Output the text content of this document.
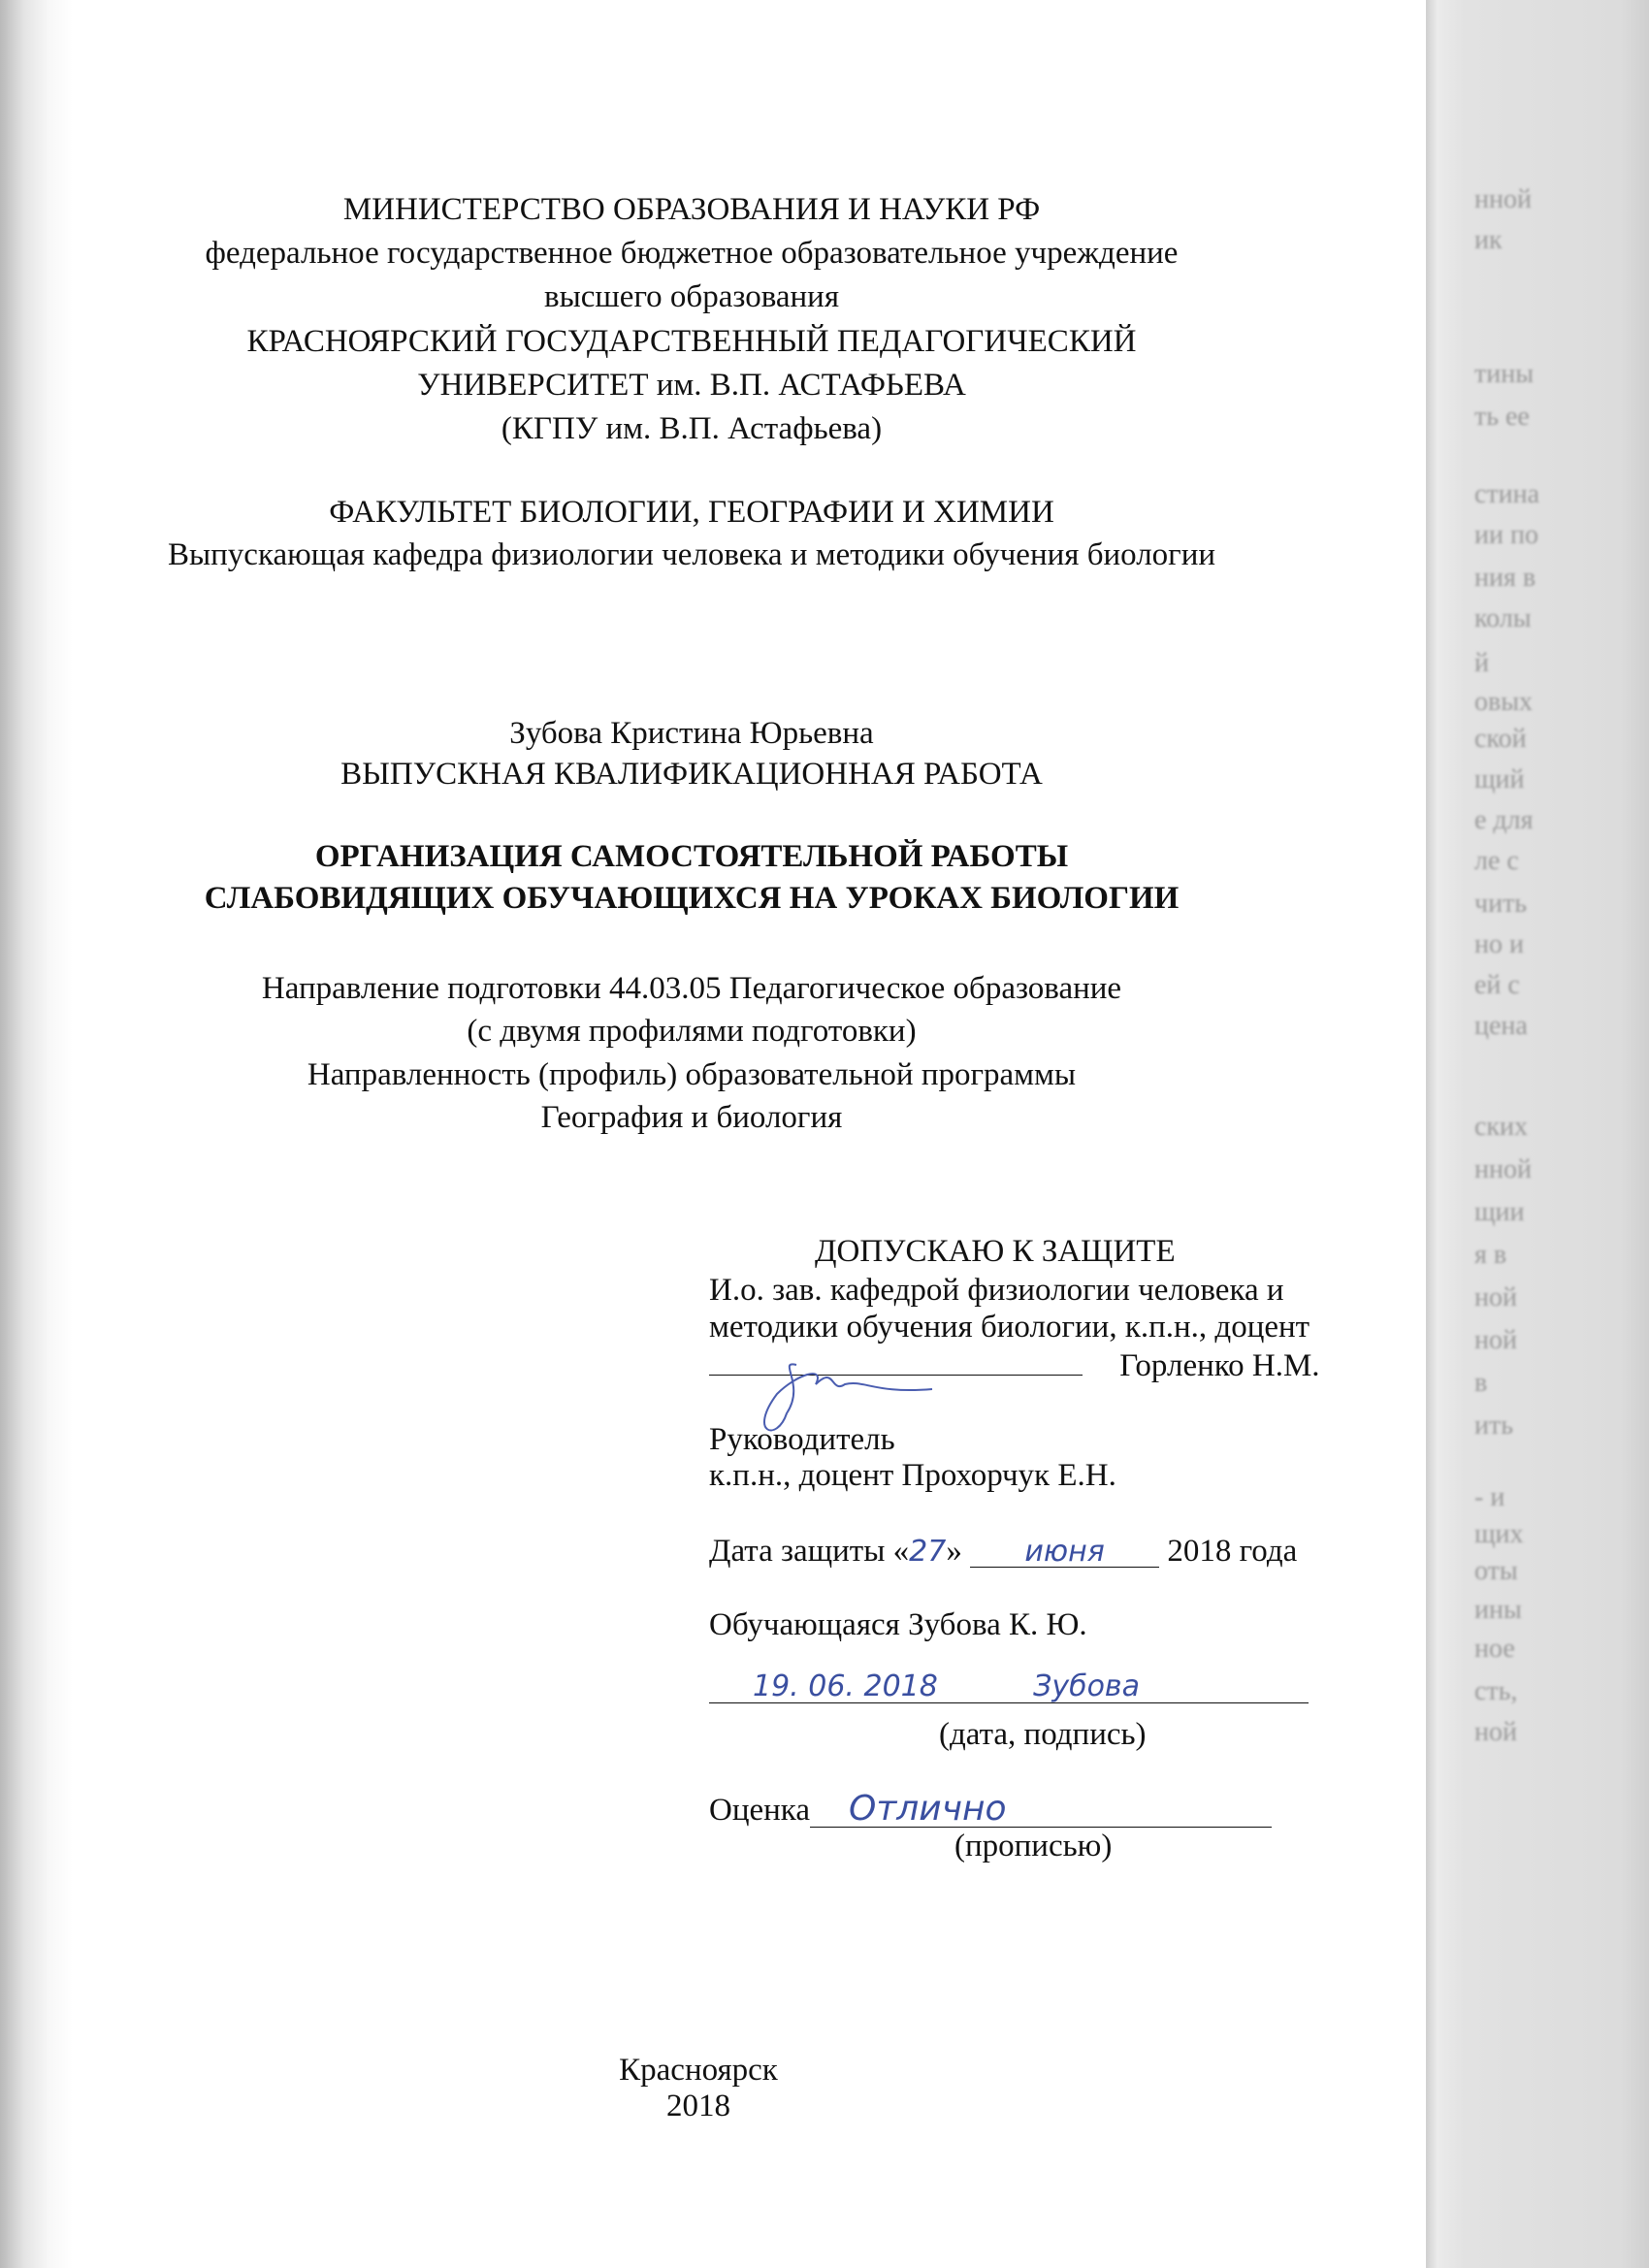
МИНИСТЕРСТВО ОБРАЗОВАНИЯ И НАУКИ РФ
федеральное государственное бюджетное образовательное учреждение
высшего образования
КРАСНОЯРСКИЙ ГОСУДАРСТВЕННЫЙ ПЕДАГОГИЧЕСКИЙ
УНИВЕРСИТЕТ им. В.П. АСТАФЬЕВА
(КГПУ им. В.П. Астафьева)
ФАКУЛЬТЕТ БИОЛОГИИ, ГЕОГРАФИИ И ХИМИИ
Выпускающая кафедра физиологии человека и методики обучения биологии
Зубова Кристина Юрьевна
ВЫПУСКНАЯ КВАЛИФИКАЦИОННАЯ РАБОТА
ОРГАНИЗАЦИЯ САМОСТОЯТЕЛЬНОЙ РАБОТЫ
СЛАБОВИДЯЩИХ ОБУЧАЮЩИХСЯ НА УРОКАХ БИОЛОГИИ
Направление подготовки 44.03.05 Педагогическое образование
(с двумя профилями подготовки)
Направленность (профиль) образовательной программы
География и биология
ДОПУСКАЮ К ЗАЩИТЕ
И.о. зав. кафедрой физиологии человека и
методики обучения биологии, к.п.н., доцент
Горленко Н.М.
Руководитель
к.п.н., доцент Прохорчук Е.Н.
Дата защиты «27» июня 2018 года
Обучающаяся Зубова К. Ю.
19. 06. 2018	Зубова
(дата, подпись)
Оценка Отлично
(прописью)
Красноярск
2018
нной
ик
тины
ть ее
стина
ии по
ния в
колы
й
овых
ской
щий
е для
ле с
чить
но и
ей с
цена
ских
нной
щии
я в
ной
ной
в
ить
- и
щих
оты
ины
ное
сть,
ной
